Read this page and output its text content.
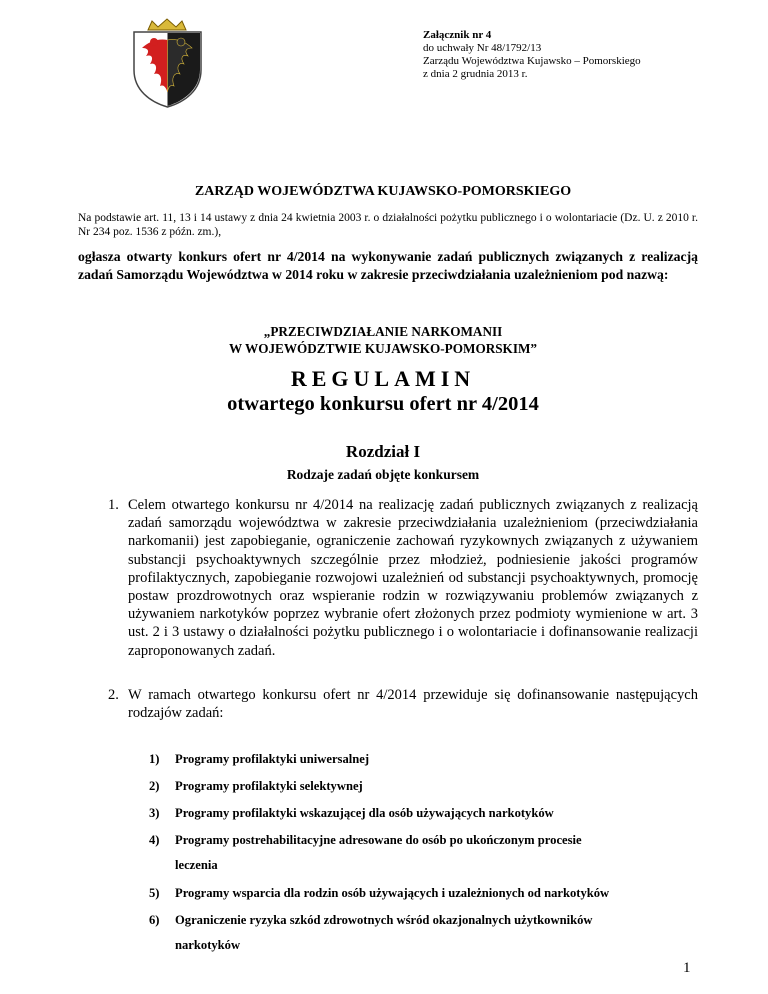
Załącznik nr 4
do uchwały Nr 48/1792/13
Zarządu Województwa Kujawsko – Pomorskiego
z dnia 2 grudnia 2013 r.
ZARZĄD WOJEWÓDZTWA KUJAWSKO-POMORSKIEGO
Na podstawie art. 11, 13 i 14 ustawy z dnia 24 kwietnia 2003 r. o działalności pożytku publicznego i o wolontariacie (Dz. U. z 2010 r. Nr 234 poz. 1536 z późn. zm.),
ogłasza otwarty konkurs ofert nr 4/2014 na wykonywanie zadań publicznych związanych z realizacją zadań Samorządu Województwa w 2014 roku w zakresie przeciwdziałania uzależnieniom pod nazwą:
„PRZECIWDZIAŁANIE NARKOMANII
W WOJEWÓDZTWIE KUJAWSKO-POMORSKIM”
REGULAMIN
otwartego konkursu ofert nr 4/2014
Rozdział I
Rodzaje zadań objęte konkursem
1. Celem otwartego konkursu nr 4/2014 na realizację zadań publicznych związanych z realizacją zadań samorządu województwa w zakresie przeciwdziałania uzależnieniom (przeciwdziałania narkomanii) jest zapobieganie, ograniczenie zachowań ryzykownych związanych z używaniem substancji psychoaktywnych szczególnie przez młodzież, podniesienie jakości programów profilaktycznych, zapobieganie rozwojowi uzależnień od substancji psychoaktywnych, promocję postaw prozdrowotnych oraz wspieranie rodzin w rozwiązywaniu problemów związanych z używaniem narkotyków poprzez wybranie ofert złożonych przez podmioty wymienione w art. 3 ust. 2 i 3 ustawy o działalności pożytku publicznego i o wolontariacie i dofinansowanie realizacji zaproponowanych zadań.
2. W ramach otwartego konkursu ofert nr 4/2014 przewiduje się dofinansowanie następujących rodzajów zadań:
1) Programy profilaktyki uniwersalnej
2) Programy profilaktyki selektywnej
3) Programy profilaktyki wskazującej dla osób używających narkotyków
4) Programy postrehabilitacyjne adresowane do osób po ukończonym procesie
leczenia
5) Programy wsparcia dla rodzin osób używających i uzależnionych od narkotyków
6) Ograniczenie ryzyka szkód zdrowotnych wśród okazjonalnych użytkowników
narkotyków
1
